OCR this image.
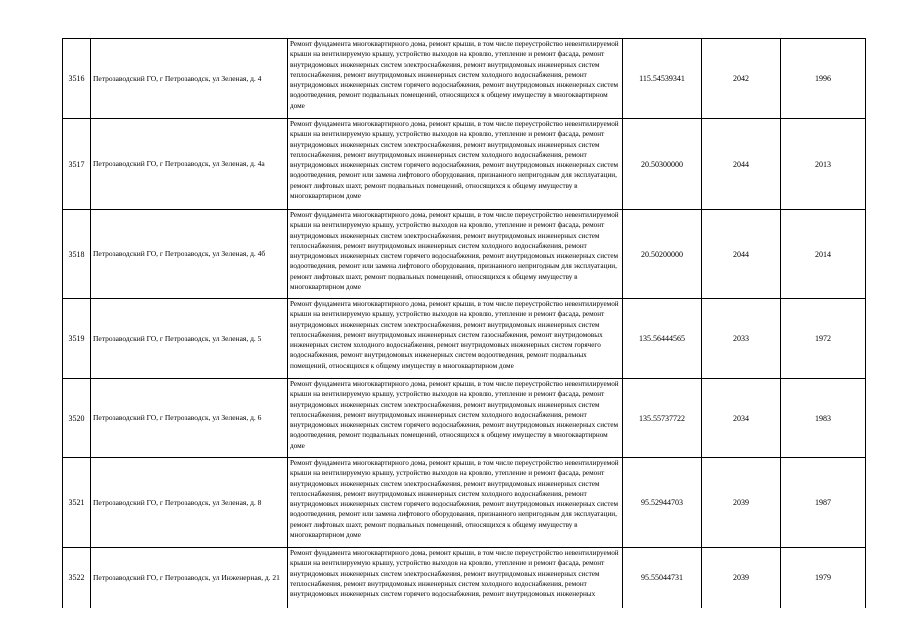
3516	Петрозаводский ГО, г Петрозаводск, ул Зеленая, д. 4	Ремонт фундамента многоквартирного дома, ремонт крыши, в том числе переустройство невентилируемой крыши на вентилируемую крышу, устройство выходов на кровлю, утепление и ремонт фасада, ремонт внутридомовых инженерных систем электроснабжения, ремонт внутридомовых инженерных систем теплоснабжения, ремонт внутридомовых инженерных систем холодного водоснабжения, ремонт внутридомовых инженерных систем горячего водоснабжения, ремонт внутридомовых инженерных систем водоотведения, ремонт подвальных помещений, относящихся к общему имуществу в многоквартирном доме	115.54539341	2042	1996
3517	Петрозаводский ГО, г Петрозаводск, ул Зеленая, д. 4а	Ремонт фундамента многоквартирного дома, ремонт крыши, в том числе переустройство невентилируемой крыши на вентилируемую крышу, устройство выходов на кровлю, утепление и ремонт фасада, ремонт внутридомовых инженерных систем электроснабжения, ремонт внутридомовых инженерных систем теплоснабжения, ремонт внутридомовых инженерных систем холодного водоснабжения, ремонт внутридомовых инженерных систем горячего водоснабжения, ремонт внутридомовых инженерных систем водоотведения, ремонт или замена лифтового оборудования, признанного непригодным для эксплуатации, ремонт лифтовых шахт, ремонт подвальных помещений, относящихся к общему имуществу в многоквартирном доме	20.50300000	2044	2013
3518	Петрозаводский ГО, г Петрозаводск, ул Зеленая, д. 4б	Ремонт фундамента многоквартирного дома, ремонт крыши, в том числе переустройство невентилируемой крыши на вентилируемую крышу, устройство выходов на кровлю, утепление и ремонт фасада, ремонт внутридомовых инженерных систем электроснабжения, ремонт внутридомовых инженерных систем теплоснабжения, ремонт внутридомовых инженерных систем холодного водоснабжения, ремонт внутридомовых инженерных систем горячего водоснабжения, ремонт внутридомовых инженерных систем водоотведения, ремонт или замена лифтового оборудования, признанного непригодным для эксплуатации, ремонт лифтовых шахт, ремонт подвальных помещений, относящихся к общему имуществу в многоквартирном доме	20.50200000	2044	2014
3519	Петрозаводский ГО, г Петрозаводск, ул Зеленая, д. 5	Ремонт фундамента многоквартирного дома, ремонт крыши, в том числе переустройство невентилируемой крыши на вентилируемую крышу, устройство выходов на кровлю, утепление и ремонт фасада, ремонт внутридомовых инженерных систем электроснабжения, ремонт внутридомовых инженерных систем теплоснабжения, ремонт внутридомовых инженерных систем газоснабжения, ремонт внутридомовых инженерных систем холодного водоснабжения, ремонт внутридомовых инженерных систем горячего водоснабжения, ремонт внутридомовых инженерных систем водоотведения, ремонт подвальных помещений, относящихся к общему имуществу в многоквартирном доме	135.56444565	2033	1972
3520	Петрозаводский ГО, г Петрозаводск, ул Зеленая, д. 6	Ремонт фундамента многоквартирного дома, ремонт крыши, в том числе переустройство невентилируемой крыши на вентилируемую крышу, устройство выходов на кровлю, утепление и ремонт фасада, ремонт внутридомовых инженерных систем электроснабжения, ремонт внутридомовых инженерных систем теплоснабжения, ремонт внутридомовых инженерных систем холодного водоснабжения, ремонт внутридомовых инженерных систем горячего водоснабжения, ремонт внутридомовых инженерных систем водоотведения, ремонт подвальных помещений, относящихся к общему имуществу в многоквартирном доме	135.55737722	2034	1983
3521	Петрозаводский ГО, г Петрозаводск, ул Зеленая, д. 8	Ремонт фундамента многоквартирного дома, ремонт крыши, в том числе переустройство невентилируемой крыши на вентилируемую крышу, устройство выходов на кровлю, утепление и ремонт фасада, ремонт внутридомовых инженерных систем электроснабжения, ремонт внутридомовых инженерных систем теплоснабжения, ремонт внутридомовых инженерных систем холодного водоснабжения, ремонт внутридомовых инженерных систем горячего водоснабжения, ремонт внутридомовых инженерных систем водоотведения, ремонт или замена лифтового оборудования, признанного непригодным для эксплуатации, ремонт лифтовых шахт, ремонт подвальных помещений, относящихся к общему имуществу в многоквартирном доме	95.52944703	2039	1987
3522	Петрозаводский ГО, г Петрозаводск, ул Инженерная, д. 21	Ремонт фундамента многоквартирного дома, ремонт крыши, в том числе переустройство невентилируемой крыши на вентилируемую крышу, устройство выходов на кровлю, утепление и ремонт фасада, ремонт внутридомовых инженерных систем электроснабжения, ремонт внутридомовых инженерных систем теплоснабжения, ремонт внутридомовых инженерных систем холодного водоснабжения, ремонт внутридомовых инженерных систем горячего водоснабжения, ремонт внутридомовых инженерных	95.55044731	2039	1979
